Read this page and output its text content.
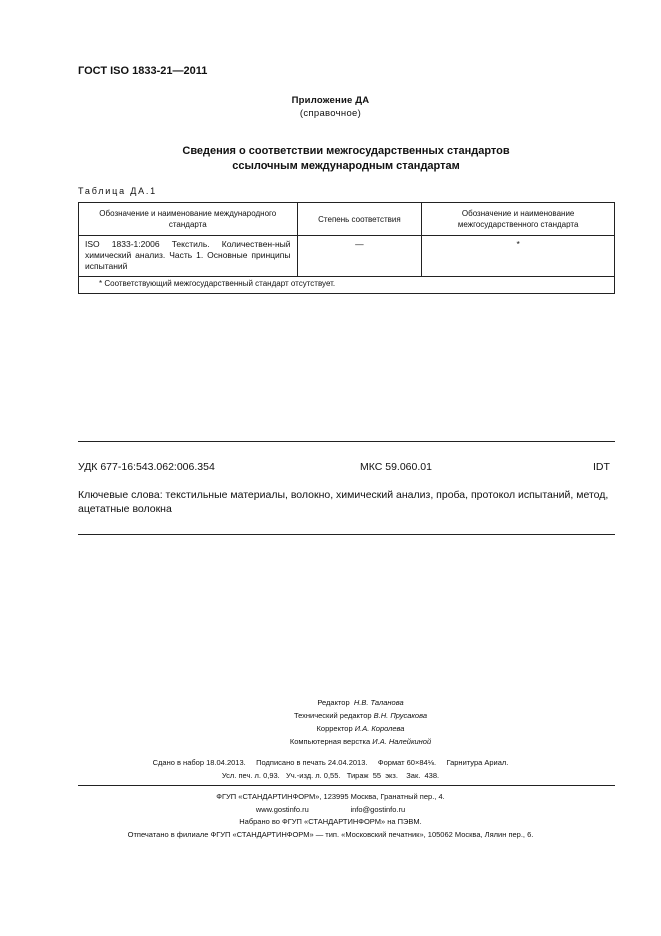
ГОСТ ISO 1833-21—2011
Приложение ДА
(справочное)
Сведения о соответствии межгосударственных стандартов
ссылочным международным стандартам
Таблица ДА.1
Обозначение и наименование международного стандарта	Степень соответствия	Обозначение и наименование межгосударственного стандарта
ISO 1833-1:2006 Текстиль. Количествен-ный химический анализ. Часть 1. Основные принципы испытаний	—	*
* Соответствующий межгосударственный стандарт отсутствует.		
УДК 677-16:543.062:006.354	МКС 59.060.01	IDT
Ключевые слова: текстильные материалы, волокно, химический анализ, проба, протокол испытаний, метод, ацетатные волокна
Редактор Н.В. Таланова
Технический редактор В.Н. Прусакова
Корректор И.А. Королева
Компьютерная верстка И.А. Налейкиной
Сдано в набор 18.04.2013.     Подписано в печать 24.04.2013.     Формат 60×84⅛.     Гарнитура Ариал.
Усл. печ. л. 0,93.   Уч.-изд. л. 0,55.   Тираж  55  экз.    Зак.  438.
ФГУП «СТАНДАРТИНФОРМ», 123995 Москва, Гранатный пер., 4.
www.gostinfo.ru                    info@gostinfo.ru
Набрано во ФГУП «СТАНДАРТИНФОРМ» на ПЭВМ.
Отпечатано в филиале ФГУП «СТАНДАРТИНФОРМ» — тип. «Московский печатник», 105062 Москва, Лялин пер., 6.
